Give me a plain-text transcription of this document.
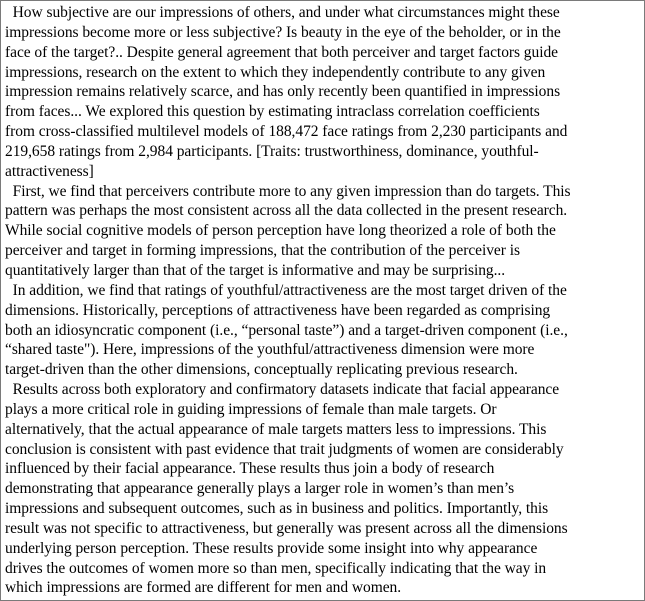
How subjective are our impressions of others, and under what circumstances might these
impressions become more or less subjective? Is beauty in the eye of the beholder, or in the
face of the target?.. Despite general agreement that both perceiver and target factors guide
impressions, research on the extent to which they independently contribute to any given
impression remains relatively scarce, and has only recently been quantified in impressions
from faces... We explored this question by estimating intraclass correlation coefficients
from cross-classified multilevel models of 188,472 face ratings from 2,230 participants and
219,658 ratings from 2,984 participants. [Traits: trustworthiness, dominance, youthful-
attractiveness]
First, we find that perceivers contribute more to any given impression than do targets. This
pattern was perhaps the most consistent across all the data collected in the present research.
While social cognitive models of person perception have long theorized a role of both the
perceiver and target in forming impressions, that the contribution of the perceiver is
quantitatively larger than that of the target is informative and may be surprising...
In addition, we find that ratings of youthful/attractiveness are the most target driven of the
dimensions. Historically, perceptions of attractiveness have been regarded as comprising
both an idiosyncratic component (i.e., “personal taste”) and a target-driven component (i.e.,
“shared taste"). Here, impressions of the youthful/attractiveness dimension were more
target-driven than the other dimensions, conceptually replicating previous research.
Results across both exploratory and confirmatory datasets indicate that facial appearance
plays a more critical role in guiding impressions of female than male targets. Or
alternatively, that the actual appearance of male targets matters less to impressions. This
conclusion is consistent with past evidence that trait judgments of women are considerably
influenced by their facial appearance. These results thus join a body of research
demonstrating that appearance generally plays a larger role in women’s than men’s
impressions and subsequent outcomes, such as in business and politics. Importantly, this
result was not specific to attractiveness, but generally was present across all the dimensions
underlying person perception. These results provide some insight into why appearance
drives the outcomes of women more so than men, specifically indicating that the way in
which impressions are formed are different for men and women.
